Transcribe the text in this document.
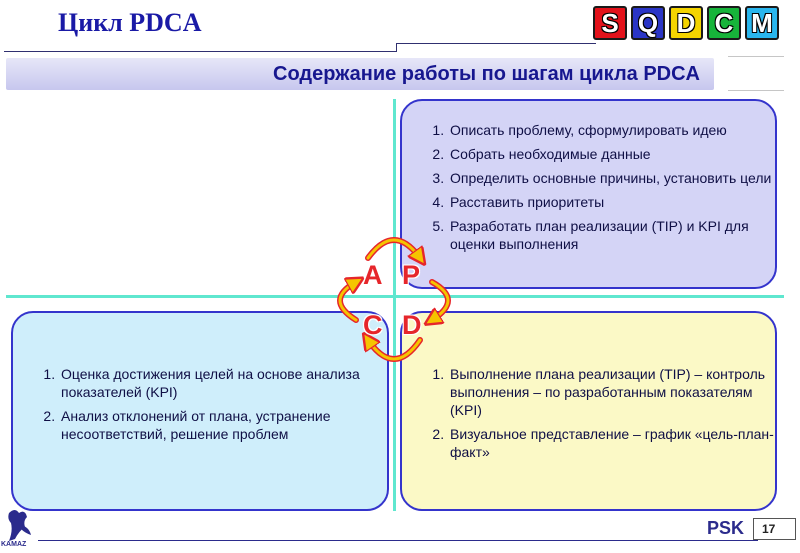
Цикл PDCA	S Q D C M
Содержание работы по шагам цикла PDCA
1. Описать проблему, сформулировать идею
2. Собрать необходимые данные
3. Определить основные причины, установить цели
4. Расставить приоритеты
5. Разработать план реализации (TIP) и KPI для оценки выполнения
1. Оценка достижения целей на основе анализа показателей (KPI)
2. Анализ отклонений от плана, устранение несоответствий, решение проблем
1. Выполнение плана реализации (TIP) – контроль выполнения – по разработанным показателям (KPI)
2. Визуальное представление – график «цель-план-факт»
A P
C D
KAMAZ
PSK	17
